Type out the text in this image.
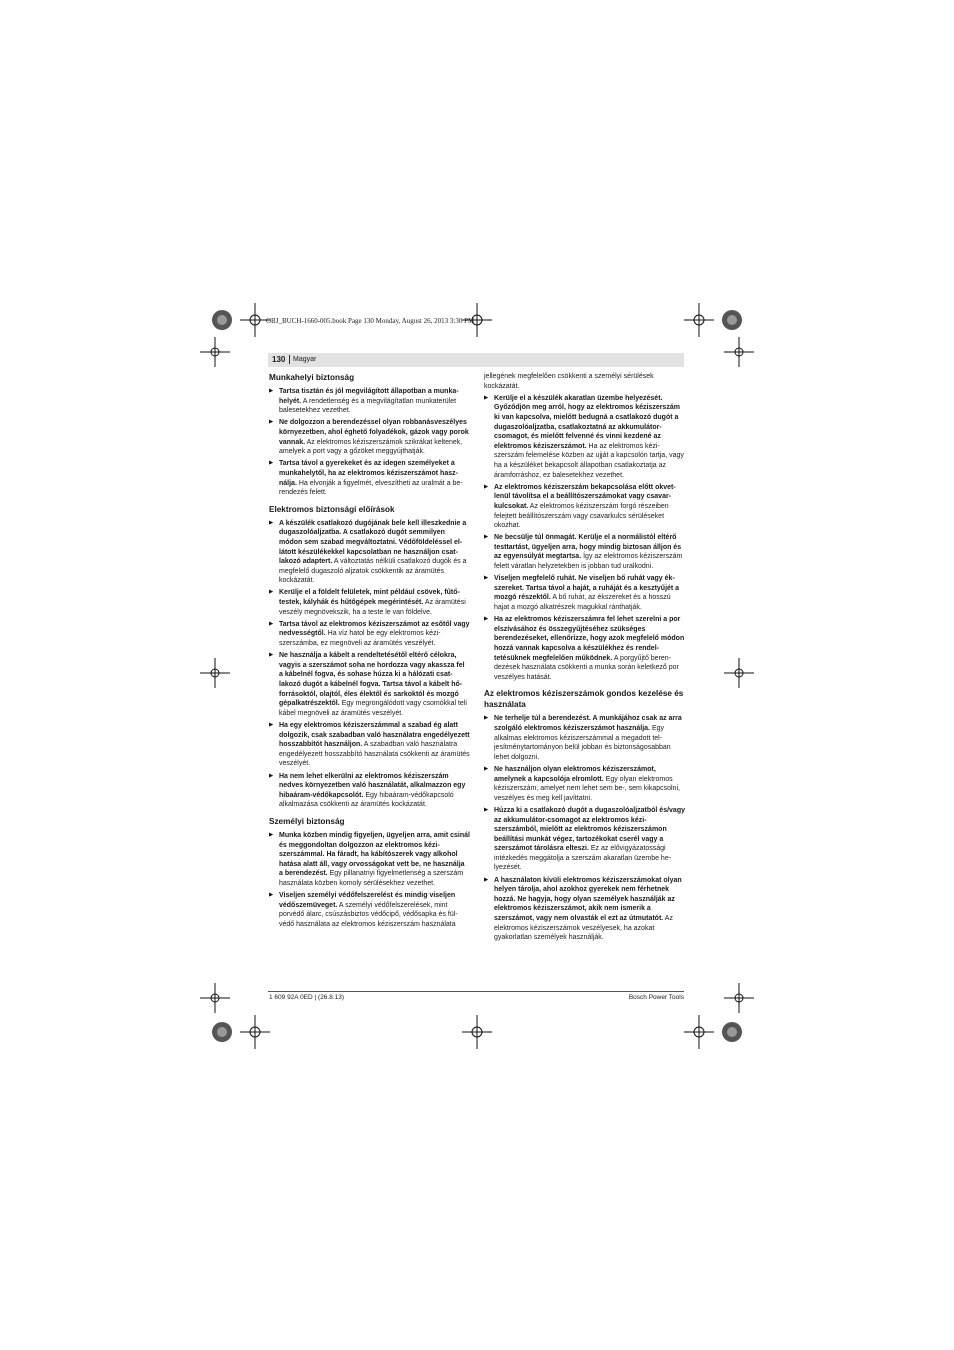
OBJ_BUCH-1660-005.book Page 130 Monday, August 26, 2013 3:30 PM
130	Magyar
Munkahelyi biztonság
▶ Tartsa tisztán és jól megvilágított állapotban a munkahelyét. A rendetlenség és a megvilágítatlan munkaterület balesetekhez vezethet.
▶ Ne dolgozzon a berendezéssel olyan robbanásveszélyes környezetben, ahol éghető folyadékok, gázok vagy porok vannak. Az elektromos kéziszerszámok szikrákat keltenek, amelyek a port vagy a gőzöket meggyújthatják.
▶ Tartsa távol a gyerekeket és az idegen személyeket a munkahelytől, ha az elektromos kéziszerszámot használja. Ha elvonják a figyelmét, elveszítheti az uralmát a berendezés felett.
Elektromos biztonsági előírások
▶ A készülék csatlakozó dugójának bele kell illeszkednie a dugaszolóaljzatba. A csatlakozó dugót semmilyen módon sem szabad megváltoztatni. Védőföldeléssel ellátott készülékekkel kapcsolatban ne használjon csatlakozó adaptert. A változtatás nélküli csatlakozó dugók és a megfelelő dugaszoló aljzatok csökkentik az áramütés kockázatát.
▶ Kerülje el a földelt felületek, mint például csövek, fűtőtestek, kályhák és hűtőgépek megérintését. Az áramütési veszély megnövekszik, ha a teste le van földelve.
▶ Tartsa távol az elektromos kéziszerszámot az esőtől vagy nedvességtől. Ha víz hatol be egy elektromos kéziszerszámba, ez megnöveli az áramütés veszélyét.
▶ Ne használja a kábelt a rendeltetésétől eltérő célokra, vagyis a szerszámot soha ne hordozza vagy akassza fel a kábelnél fogva, és sohase húzza ki a hálózati csatlakozó dugót a kábelnél fogva. Tartsa távol a kábelt hőforrásoktól, olajtól, éles élektől és sarkoktól és mozgó gépalkatrészektől. Egy megrongálódott vagy csomókkal teli kábel megnöveli az áramütés veszélyét.
▶ Ha egy elektromos kéziszerszámmal a szabad ég alatt dolgozik, csak szabadban való használatra engedélyezett hosszabbítót használjon. A szabadban való használatra engedélyezett hosszabbító használata csökkenti az áramütés veszélyét.
▶ Ha nem lehet elkerülni az elektromos kéziszerszám nedves környezetben való használatát, alkalmazzon egy hibaáram-védőkapcsolót. Egy hibaáram-védőkapcsoló alkalmazása csökkenti az áramütés kockázatát.
Személyi biztonság
▶ Munka közben mindig figyeljen, ügyeljen arra, amit csinál és meggondoltan dolgozzon az elektromos kéziszerszámmal. Ha fáradt, ha kábítószerek vagy alkohol hatása alatt áll, vagy orvosságokat vett be, ne használja a berendezést. Egy pillanatnyi figyelmetlenség a szerszám használata közben komoly sérülésekhez vezethet.
▶ Viseljen személyi védőfelszerelést és mindig viseljen védőszemüveget. A személyi védőfelszerelések, mint porvédő álarc, csúszásbiztos védőcipő, védősapka és fülvédő használata az elektromos kéziszerszám használata
jellegének megfelelően csökkenti a személyi sérülések kockázatát.
▶ Kerülje el a készülék akaratlan üzembe helyezését. Győződjön meg arról, hogy az elektromos kéziszerszám ki van kapcsolva, mielőtt bedugná a csatlakozó dugót a dugaszolóaljzatba, csatlakoztatná az akkumulátor-csomagot, és mielőtt felvenné és vinni kezdené az elektromos kéziszerszámot. Ha az elektromos kéziszerszám felemelése közben az ujját a kapcsolón tartja, vagy ha a készüléket bekapcsolt állapotban csatlakoztatja az áramforráshoz, ez balesetekhez vezethet.
▶ Az elektromos kéziszerszám bekapcsolása előtt okvetlenül távolítsa el a beállítószerszámokat vagy csavarkulcsokat. Az elektromos kéziszerszám forgó részeiben felejtett beállítószerszám vagy csavarkulcs sérüléseket okozhat.
▶ Ne becsülje túl önmagát. Kerülje el a normálistól eltérő testtartást, ügyeljen arra, hogy mindig biztosan álljon és az egyensúlyát megtartsa. Így az elektromos kéziszerszám felett váratlan helyzetekben is jobban tud uralkodni.
▶ Viseljen megfelelő ruhát. Ne viseljen bő ruhát vagy ékszereket. Tartsa távol a haját, a ruháját és a kesztyűjét a mozgó részektől. A bő ruhát, az ékszereket és a hosszú hajat a mozgó alkatrészek magukkal ránthatják.
▶ Ha az elektromos kéziszerszámra fel lehet szerelni a por elszívásához és összegyűjtéséhez szükséges berendezéseket, ellenőrizze, hogy azok megfelelő módon hozzá vannak kapcsolva a készülékhez és rendeltetésüknek megfelelően működnek. A porgyűjtő berendezések használata csökkenti a munka során keletkező por veszélyes hatását.
Az elektromos kéziszerszámok gondos kezelése és használata
▶ Ne terhelje túl a berendezést. A munkájához csak az arra szolgáló elektromos kéziszerszámot használja. Egy alkalmas elektromos kéziszerszámmal a megadott teljesítménytartományon belül jobban és biztonságosabban lehet dolgozni.
▶ Ne használjon olyan elektromos kéziszerszámot, amelynek a kapcsolója elromlott. Egy olyan elektromos kéziszerszám, amelyet nem lehet sem be-, sem kikapcsolni, veszélyes és meg kell javíttatni.
▶ Húzza ki a csatlakozó dugót a dugaszolóaljzatból és/vagy az akkumulátor-csomagot az elektromos kéziszerszámból, mielőtt az elektromos kéziszerszámon beállítási munkát végez, tartozékokat cserél vagy a szerszámot tárolásra elteszi. Ez az elővigyázatossági intézkedés meggátolja a szerszám akaratlan üzembe helyezését.
▶ A használaton kívüli elektromos kéziszerszámokat olyan helyen tárolja, ahol azokhoz gyerekek nem férhetnek hozzá. Ne hagyja, hogy olyan személyek használják az elektromos kéziszerszámot, akik nem ismerik a szerszámot, vagy nem olvasták el ezt az útmutatót. Az elektromos kéziszerszámok veszélyesek, ha azokat gyakorlatlan személyek használják.
1 609 92A 0ED | (26.8.13)	Bosch Power Tools
